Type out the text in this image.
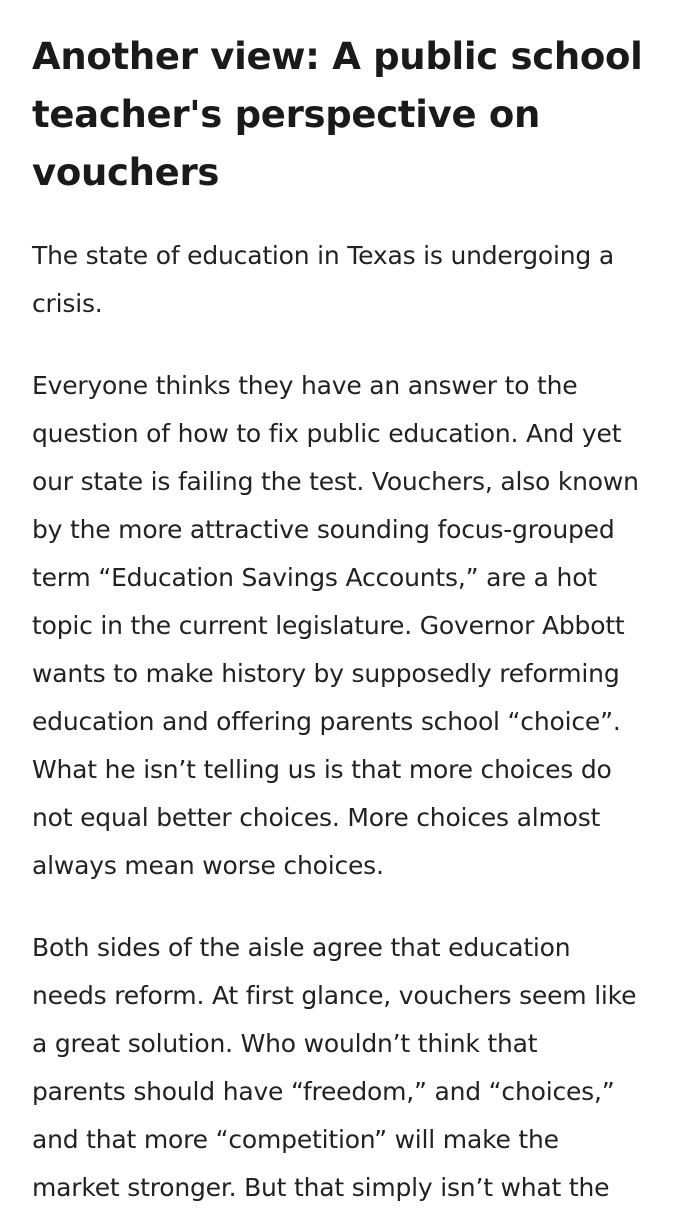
Another view: A public school
teacher's perspective on
vouchers

The state of education in Texas is undergoing a
crisis.

Everyone thinks they have an answer to the
question of how to fix public education. And yet
our state is failing the test. Vouchers, also known
by the more attractive sounding focus-grouped
term “Education Savings Accounts,” are a hot
topic in the current legislature. Governor Abbott
wants to make history by supposedly reforming
education and offering parents school “choice”.
What he isn’t telling us is that more choices do
not equal better choices. More choices almost
always mean worse choices.

Both sides of the aisle agree that education
needs reform. At first glance, vouchers seem like
a great solution. Who wouldn’t think that
parents should have “freedom,” and “choices,”
and that more “competition” will make the
market stronger. But that simply isn’t what the
